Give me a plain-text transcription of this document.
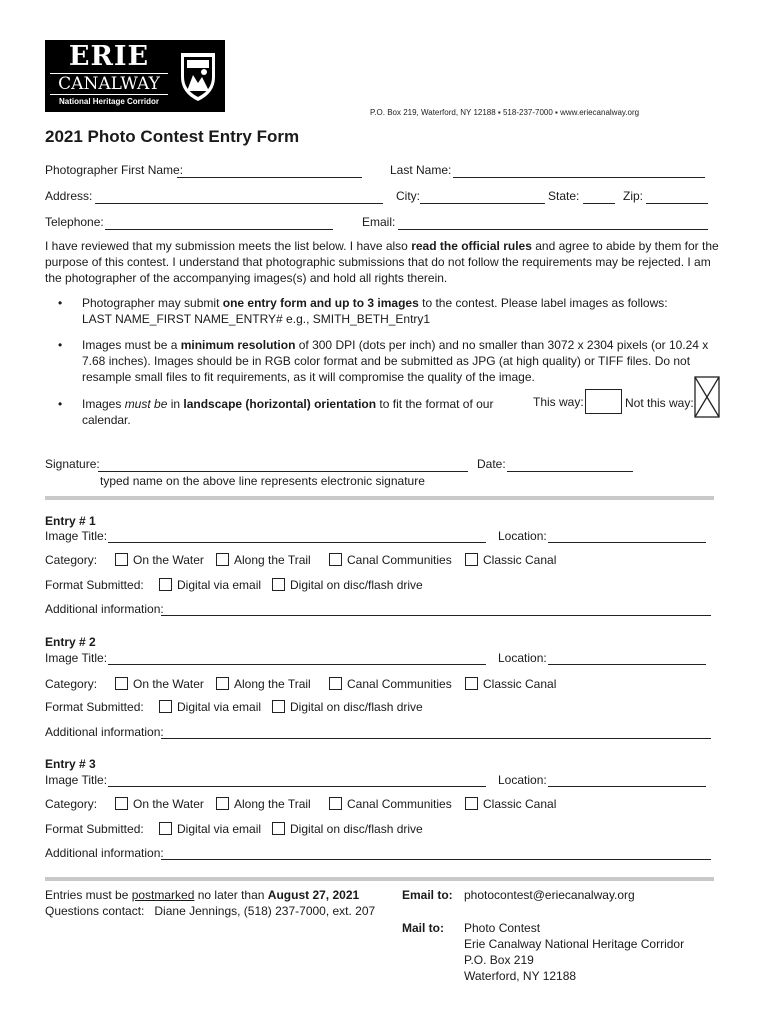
ERIE
CANALWAY
National Heritage Corridor
P.O. Box 219, Waterford, NY 12188 ▪ 518-237-7000 ▪ www.eriecanalway.org
2021 Photo Contest Entry Form
Photographer First Name:	Last Name:
Address:	City:	State:	Zip:
Telephone:	Email:
I have reviewed that my submission meets the list below. I have also read the official rules and agree to abide by them for the purpose of this contest. I understand that photographic submissions that do not follow the requirements may be rejected. I am the photographer of the accompanying images(s) and hold all rights therein.
• Photographer may submit one entry form and up to 3 images to the contest. Please label images as follows:
LAST NAME_FIRST NAME_ENTRY# e.g., SMITH_BETH_Entry1
• Images must be a minimum resolution of 300 DPI (dots per inch) and no smaller than 3072 x 2304 pixels (or 10.24 x 7.68 inches). Images should be in RGB color format and be submitted as JPG (at high quality) or TIFF files. Do not resample small files to fit requirements, as it will compromise the quality of the image.
• Images must be in landscape (horizontal) orientation to fit the format of our calendar.
This way:	Not this way:
Signature:	Date:
typed name on the above line represents electronic signature
Entry # 1
Image Title:	Location:
Category:	On the Water	Along the Trail	Canal Communities	Classic Canal
Format Submitted:	Digital via email	Digital on disc/flash drive
Additional information:
Entry # 2
Image Title:	Location:
Category:	On the Water	Along the Trail	Canal Communities	Classic Canal
Format Submitted:	Digital via email	Digital on disc/flash drive
Additional information:
Entry # 3
Image Title:	Location:
Category:	On the Water	Along the Trail	Canal Communities	Classic Canal
Format Submitted:	Digital via email	Digital on disc/flash drive
Additional information:
Entries must be postmarked no later than August 27, 2021
Questions contact:   Diane Jennings, (518) 237-7000, ext. 207
Email to: photocontest@eriecanalway.org
Mail to: Photo Contest
Erie Canalway National Heritage Corridor
P.O. Box 219
Waterford, NY 12188
